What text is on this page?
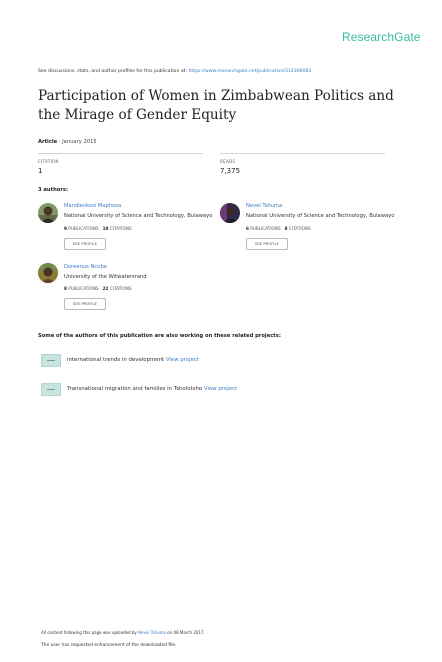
ResearchGate
See discussions, stats, and author profiles for this publication at: https://www.researchgate.net/publication/314366083
Participation of Women in Zimbabwean Politics and the Mirage of Gender Equity
Article · January 2015
CITATION
1
READS
7,375
3 authors:
Mandlenkosi Maphosa
National University of Science and Technology, Bulawayo
9 PUBLICATIONS 10 CITATIONS
SEE PROFILE
Nevel Tshuma
National University of Science and Technology, Bulawayo
6 PUBLICATIONS 8 CITATIONS
SEE PROFILE
Doreenus Ncube
University of the Witwatersrand
8 PUBLICATIONS 22 CITATIONS
SEE PROFILE
Some of the authors of this publication are also working on these related projects:
international trends in development View project
Transnational migration and families in Tsholotsho View project
All content following this page was uploaded by Nevel Tshuma on 08 March 2017.
The user has requested enhancement of the downloaded file.
